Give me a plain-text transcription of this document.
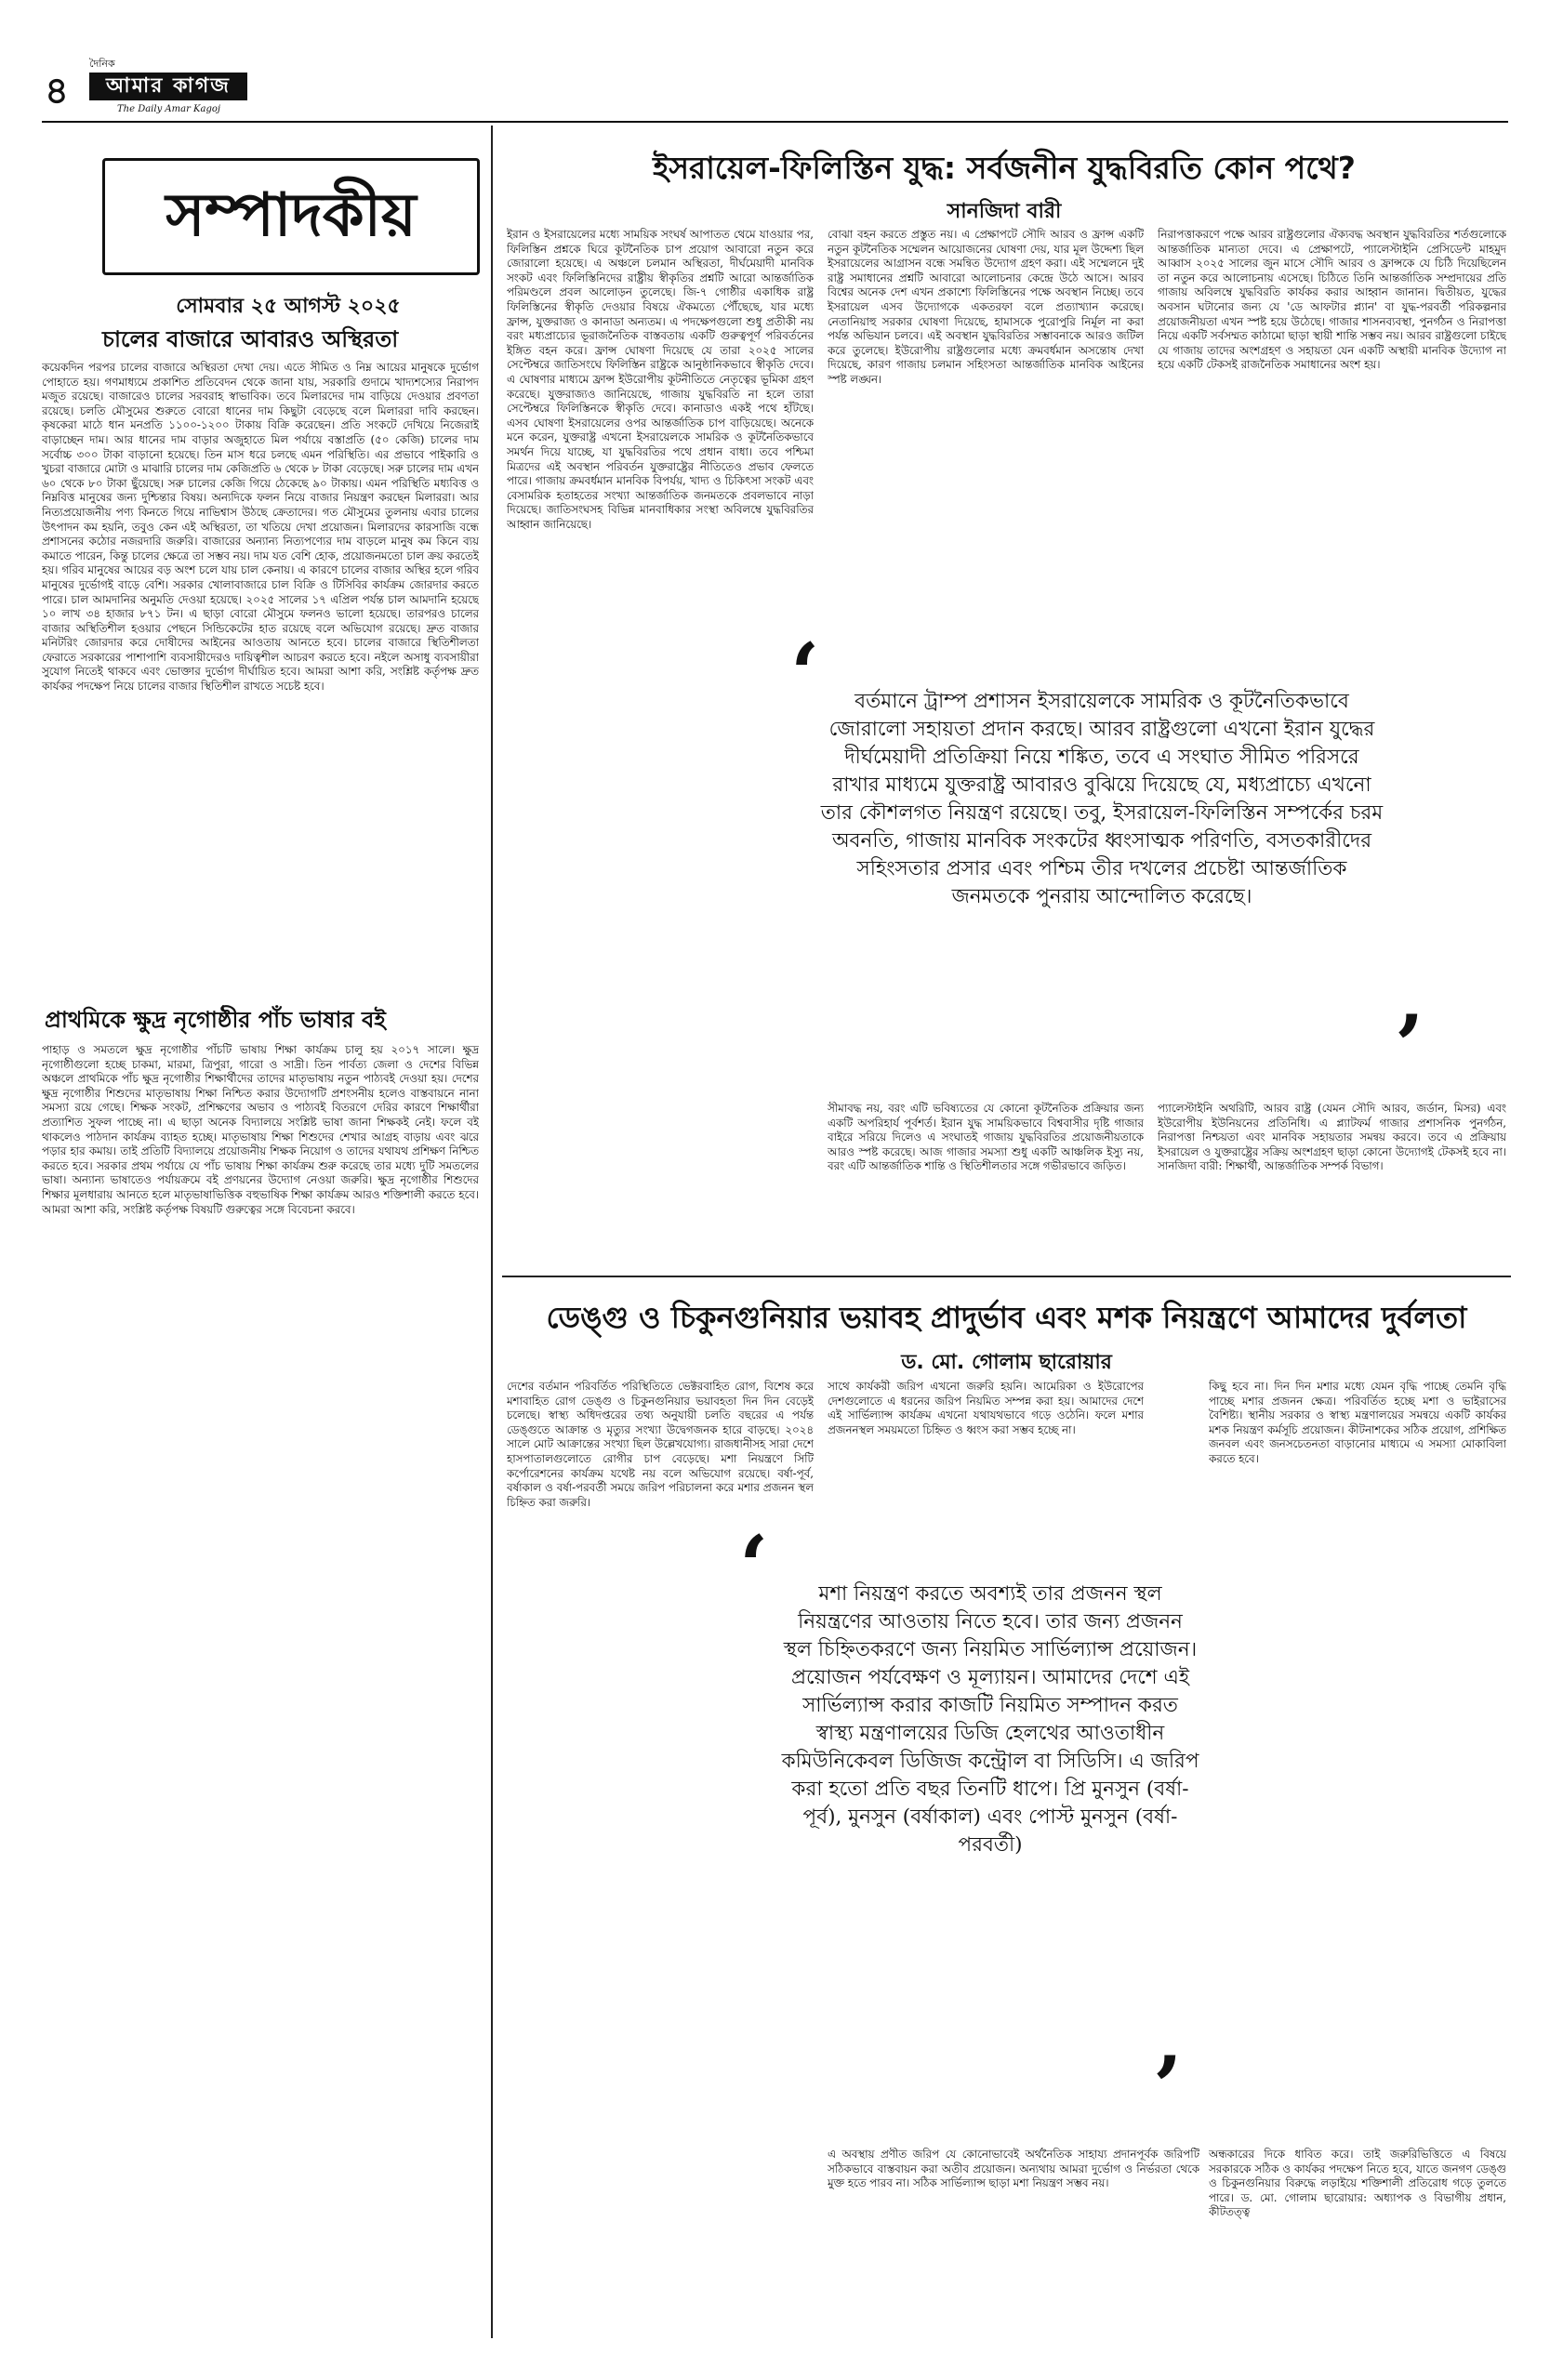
৪
দৈনিক
আমার কাগজ
The Daily Amar Kagoj
সম্পাদকীয়
সোমবার ২৫ আগস্ট ২০২৫
চালের বাজারে আবারও অস্থিরতা
কয়েকদিন পরপর চালের বাজারে অস্থিরতা দেখা দেয়। এতে সীমিত ও নিম্ন আয়ের মানুষকে দুর্ভোগ পোহাতে হয়। গণমাধ্যমে প্রকাশিত প্রতিবেদন থেকে জানা যায়, সরকারি গুদামে খাদ্যশস্যের নিরাপদ মজুত রয়েছে। বাজারেও চালের সরবরাহ স্বাভাবিক। তবে মিলারদের দাম বাড়িয়ে দেওয়ার প্রবণতা রয়েছে। চলতি মৌসুমের শুরুতে বোরো ধানের দাম কিছুটা বেড়েছে বলে মিলাররা দাবি করছেন। কৃষকেরা মাঠে ধান মনপ্রতি ১১০০-১২০০ টাকায় বিক্রি করেছেন। প্রতি সংকটে দেখিয়ে নিজেরাই বাড়াচ্ছেন দাম। আর ধানের দাম বাড়ার অজুহাতে মিল পর্যায়ে বস্তাপ্রতি (৫০ কেজি) চালের দাম সর্বোচ্চ ৩০০ টাকা বাড়ানো হয়েছে। তিন মাস ধরে চলছে এমন পরিস্থিতি। এর প্রভাবে পাইকারি ও খুচরা বাজারে মোটা ও মাঝারি চালের দাম কেজিপ্রতি ৬ থেকে ৮ টাকা বেড়েছে। সরু চালের দাম এখন ৬০ থেকে ৮০ টাকা ছুঁয়েছে। সরু চালের কেজি গিয়ে ঠেকেছে ৯০ টাকায়। এমন পরিস্থিতি মধ্যবিত্ত ও নিম্নবিত্ত মানুষের জন্য দুশ্চিন্তার বিষয়। অন্যদিকে ফলন নিয়ে বাজার নিয়ন্ত্রণ করছেন মিলাররা। আর নিত্যপ্রয়োজনীয় পণ্য কিনতে গিয়ে নাভিশ্বাস উঠছে ক্রেতাদের। গত মৌসুমের তুলনায় এবার চালের উৎপাদন কম হয়নি, তবুও কেন এই অস্থিরতা, তা খতিয়ে দেখা প্রয়োজন। মিলারদের কারসাজি বন্ধে প্রশাসনের কঠোর নজরদারি জরুরি। বাজারের অন্যান্য নিত্যপণ্যের দাম বাড়লে মানুষ কম কিনে ব্যয় কমাতে পারেন, কিন্তু চালের ক্ষেত্রে তা সম্ভব নয়। দাম যত বেশি হোক, প্রয়োজনমতো চাল ক্রয় করতেই হয়। গরিব মানুষের আয়ের বড় অংশ চলে যায় চাল কেনায়। এ কারণে চালের বাজার অস্থির হলে গরিব মানুষের দুর্ভোগই বাড়ে বেশি। সরকার খোলাবাজারে চাল বিক্রি ও টিসিবির কার্যক্রম জোরদার করতে পারে। চাল আমদানির অনুমতি দেওয়া হয়েছে। ২০২৫ সালের ১৭ এপ্রিল পর্যন্ত চাল আমদানি হয়েছে ১০ লাখ ৩৪ হাজার ৮৭১ টন। এ ছাড়া বোরো মৌসুমে ফলনও ভালো হয়েছে। তারপরও চালের বাজার অস্থিতিশীল হওয়ার পেছনে সিন্ডিকেটের হাত রয়েছে বলে অভিযোগ রয়েছে। দ্রুত বাজার মনিটরিং জোরদার করে দোষীদের আইনের আওতায় আনতে হবে। চালের বাজারে স্থিতিশীলতা ফেরাতে সরকারের পাশাপাশি ব্যবসায়ীদেরও দায়িত্বশীল আচরণ করতে হবে। নইলে অসাধু ব্যবসায়ীরা সুযোগ নিতেই থাকবে এবং ভোক্তার দুর্ভোগ দীর্ঘায়িত হবে। আমরা আশা করি, সংশ্লিষ্ট কর্তৃপক্ষ দ্রুত কার্যকর পদক্ষেপ নিয়ে চালের বাজার স্থিতিশীল রাখতে সচেষ্ট হবে।
প্রাথমিকে ক্ষুদ্র নৃগোষ্ঠীর পাঁচ ভাষার বই
পাহাড় ও সমতলে ক্ষুদ্র নৃগোষ্ঠীর পাঁচটি ভাষায় শিক্ষা কার্যক্রম চালু হয় ২০১৭ সালে। ক্ষুদ্র নৃগোষ্ঠীগুলো হচ্ছে চাকমা, মারমা, ত্রিপুরা, গারো ও সাদ্রী। তিন পার্বত্য জেলা ও দেশের বিভিন্ন অঞ্চলে প্রাথমিকে পাঁচ ক্ষুদ্র নৃগোষ্ঠীর শিক্ষার্থীদের তাদের মাতৃভাষায় নতুন পাঠ্যবই দেওয়া হয়। দেশের ক্ষুদ্র নৃগোষ্ঠীর শিশুদের মাতৃভাষায় শিক্ষা নিশ্চিত করার উদ্যোগটি প্রশংসনীয় হলেও বাস্তবায়নে নানা সমস্যা রয়ে গেছে। শিক্ষক সংকট, প্রশিক্ষণের অভাব ও পাঠ্যবই বিতরণে দেরির কারণে শিক্ষার্থীরা প্রত্যাশিত সুফল পাচ্ছে না। এ ছাড়া অনেক বিদ্যালয়ে সংশ্লিষ্ট ভাষা জানা শিক্ষকই নেই। ফলে বই থাকলেও পাঠদান কার্যক্রম ব্যাহত হচ্ছে। মাতৃভাষায় শিক্ষা শিশুদের শেখার আগ্রহ বাড়ায় এবং ঝরে পড়ার হার কমায়। তাই প্রতিটি বিদ্যালয়ে প্রয়োজনীয় শিক্ষক নিয়োগ ও তাদের যথাযথ প্রশিক্ষণ নিশ্চিত করতে হবে। সরকার প্রথম পর্যায়ে যে পাঁচ ভাষায় শিক্ষা কার্যক্রম শুরু করেছে তার মধ্যে দুটি সমতলের ভাষা। অন্যান্য ভাষাতেও পর্যায়ক্রমে বই প্রণয়নের উদ্যোগ নেওয়া জরুরি। ক্ষুদ্র নৃগোষ্ঠীর শিশুদের শিক্ষার মূলধারায় আনতে হলে মাতৃভাষাভিত্তিক বহুভাষিক শিক্ষা কার্যক্রম আরও শক্তিশালী করতে হবে। আমরা আশা করি, সংশ্লিষ্ট কর্তৃপক্ষ বিষয়টি গুরুত্বের সঙ্গে বিবেচনা করবে।
ইসরায়েল-ফিলিস্তিন যুদ্ধ: সর্বজনীন যুদ্ধবিরতি কোন পথে?
সানজিদা বারী
ইরান ও ইসরায়েলের মধ্যে সাময়িক সংঘর্ষ আপাতত থেমে যাওয়ার পর, ফিলিস্তিন প্রশ্নকে ঘিরে কূটনৈতিক চাপ প্রয়োগ আবারো নতুন করে জোরালো হয়েছে। এ অঞ্চলে চলমান অস্থিরতা, দীর্ঘমেয়াদী মানবিক সংকট এবং ফিলিস্তিনিদের রাষ্ট্রীয় স্বীকৃতির প্রশ্নটি আরো আন্তর্জাতিক পরিমণ্ডলে প্রবল আলোড়ন তুলেছে। জি-৭ গোষ্ঠীর একাধিক রাষ্ট্র ফিলিস্তিনের স্বীকৃতি দেওয়ার বিষয়ে ঐকমত্যে পৌঁছেছে, যার মধ্যে ফ্রান্স, যুক্তরাজ্য ও কানাডা অন্যতম। এ পদক্ষেপগুলো শুধু প্রতীকী নয় বরং মধ্যপ্রাচ্যের ভূরাজনৈতিক বাস্তবতায় একটি গুরুত্বপূর্ণ পরিবর্তনের ইঙ্গিত বহন করে। ফ্রান্স ঘোষণা দিয়েছে যে তারা ২০২৫ সালের সেপ্টেম্বরে জাতিসংঘে ফিলিস্তিন রাষ্ট্রকে আনুষ্ঠানিকভাবে স্বীকৃতি দেবে। এ ঘোষণার মাধ্যমে ফ্রান্স ইউরোপীয় কূটনীতিতে নেতৃত্বের ভূমিকা গ্রহণ করেছে। যুক্তরাজ্যও জানিয়েছে, গাজায় যুদ্ধবিরতি না হলে তারা সেপ্টেম্বরে ফিলিস্তিনকে স্বীকৃতি দেবে। কানাডাও একই পথে হাঁটছে। এসব ঘোষণা ইসরায়েলের ওপর আন্তর্জাতিক চাপ বাড়িয়েছে। অনেকে মনে করেন, যুক্তরাষ্ট্র এখনো ইসরায়েলকে সামরিক ও কূটনৈতিকভাবে সমর্থন দিয়ে যাচ্ছে, যা যুদ্ধবিরতির পথে প্রধান বাধা। তবে পশ্চিমা মিত্রদের এই অবস্থান পরিবর্তন যুক্তরাষ্ট্রের নীতিতেও প্রভাব ফেলতে পারে। গাজায় ক্রমবর্ধমান মানবিক বিপর্যয়, খাদ্য ও চিকিৎসা সংকট এবং বেসামরিক হতাহতের সংখ্যা আন্তর্জাতিক জনমতকে প্রবলভাবে নাড়া দিয়েছে। জাতিসংঘসহ বিভিন্ন মানবাধিকার সংস্থা অবিলম্বে যুদ্ধবিরতির আহ্বান জানিয়েছে।
বোঝা বহন করতে প্রস্তুত নয়। এ প্রেক্ষাপটে সৌদি আরব ও ফ্রান্স একটি নতুন কূটনৈতিক সম্মেলন আয়োজনের ঘোষণা দেয়, যার মূল উদ্দেশ্য ছিল ইসরায়েলের আগ্রাসন বন্ধে সমন্বিত উদ্যোগ গ্রহণ করা। এই সম্মেলনে দুই রাষ্ট্র সমাধানের প্রশ্নটি আবারো আলোচনার কেন্দ্রে উঠে আসে। আরব বিশ্বের অনেক দেশ এখন প্রকাশ্যে ফিলিস্তিনের পক্ষে অবস্থান নিচ্ছে। তবে ইসরায়েল এসব উদ্যোগকে একতরফা বলে প্রত্যাখ্যান করেছে। নেতানিয়াহু সরকার ঘোষণা দিয়েছে, হামাসকে পুরোপুরি নির্মূল না করা পর্যন্ত অভিযান চলবে। এই অবস্থান যুদ্ধবিরতির সম্ভাবনাকে আরও জটিল করে তুলেছে। ইউরোপীয় রাষ্ট্রগুলোর মধ্যে ক্রমবর্ধমান অসন্তোষ দেখা দিয়েছে, কারণ গাজায় চলমান সহিংসতা আন্তর্জাতিক মানবিক আইনের স্পষ্ট লঙ্ঘন।
নিরাপত্তাকরণে পক্ষে আরব রাষ্ট্রগুলোর ঐক্যবদ্ধ অবস্থান যুদ্ধবিরতির শর্তগুলোকে আন্তর্জাতিক মান্যতা দেবে। এ প্রেক্ষাপটে, প্যালেস্টাইনি প্রেসিডেন্ট মাহমুদ আব্বাস ২০২৫ সালের জুন মাসে সৌদি আরব ও ফ্রান্সকে যে চিঠি দিয়েছিলেন তা নতুন করে আলোচনায় এসেছে। চিঠিতে তিনি আন্তর্জাতিক সম্প্রদায়ের প্রতি গাজায় অবিলম্বে যুদ্ধবিরতি কার্যকর করার আহ্বান জানান। দ্বিতীয়ত, যুদ্ধের অবসান ঘটানোর জন্য যে 'ডে আফটার প্ল্যান' বা যুদ্ধ-পরবর্তী পরিকল্পনার প্রয়োজনীয়তা এখন স্পষ্ট হয়ে উঠেছে। গাজার শাসনব্যবস্থা, পুনর্গঠন ও নিরাপত্তা নিয়ে একটি সর্বসম্মত কাঠামো ছাড়া স্থায়ী শান্তি সম্ভব নয়। আরব রাষ্ট্রগুলো চাইছে যে গাজায় তাদের অংশগ্রহণ ও সহায়তা যেন একটি অস্থায়ী মানবিক উদ্যোগ না হয়ে একটি টেকসই রাজনৈতিক সমাধানের অংশ হয়।
‘	বর্তমানে ট্রাম্প প্রশাসন ইসরায়েলকে সামরিক ও কূটনৈতিকভাবে জোরালো সহায়তা প্রদান করছে। আরব রাষ্ট্রগুলো এখনো ইরান যুদ্ধের দীর্ঘমেয়াদী প্রতিক্রিয়া নিয়ে শঙ্কিত, তবে এ সংঘাত সীমিত পরিসরে রাখার মাধ্যমে যুক্তরাষ্ট্র আবারও বুঝিয়ে দিয়েছে যে, মধ্যপ্রাচ্যে এখনো তার কৌশলগত নিয়ন্ত্রণ রয়েছে। তবু, ইসরায়েল-ফিলিস্তিন সম্পর্কের চরম অবনতি, গাজায় মানবিক সংকটের ধ্বংসাত্মক পরিণতি, বসতকারীদের সহিংসতার প্রসার এবং পশ্চিম তীর দখলের প্রচেষ্টা আন্তর্জাতিক জনমতকে পুনরায় আন্দোলিত করেছে।
’
সীমাবদ্ধ নয়, বরং এটি ভবিষ্যতের যে কোনো কূটনৈতিক প্রক্রিয়ার জন্য একটি অপরিহার্য পূর্বশর্ত। ইরান যুদ্ধ সাময়িকভাবে বিশ্ববাসীর দৃষ্টি গাজার বাইরে সরিয়ে দিলেও এ সংঘাতই গাজায় যুদ্ধবিরতির প্রয়োজনীয়তাকে আরও স্পষ্ট করেছে। আজ গাজার সমস্যা শুধু একটি আঞ্চলিক ইস্যু নয়, বরং এটি আন্তর্জাতিক শান্তি ও স্থিতিশীলতার সঙ্গে গভীরভাবে জড়িত।
প্যালেস্টাইনি অথরিটি, আরব রাষ্ট্র (যেমন সৌদি আরব, জর্ডান, মিসর) এবং ইউরোপীয় ইউনিয়নের প্রতিনিধি। এ প্ল্যাটফর্ম গাজার প্রশাসনিক পুনর্গঠন, নিরাপত্তা নিশ্চয়তা এবং মানবিক সহায়তার সমন্বয় করবে। তবে এ প্রক্রিয়ায় ইসরায়েল ও যুক্তরাষ্ট্রের সক্রিয় অংশগ্রহণ ছাড়া কোনো উদ্যোগই টেকসই হবে না। সানজিদা বারী: শিক্ষার্থী, আন্তর্জাতিক সম্পর্ক বিভাগ।
ডেঙ্গু ও চিকুনগুনিয়ার ভয়াবহ প্রাদুর্ভাব এবং মশক নিয়ন্ত্রণে আমাদের দুর্বলতা
ড. মো. গোলাম ছারোয়ার
দেশের বর্তমান পরিবর্তিত পরিস্থিতিতে ভেক্টরবাহিত রোগ, বিশেষ করে মশাবাহিত রোগ ডেঙ্গু ও চিকুনগুনিয়ার ভয়াবহতা দিন দিন বেড়েই চলেছে। স্বাস্থ্য অধিদপ্তরের তথ্য অনুযায়ী চলতি বছরের এ পর্যন্ত ডেঙ্গুতে আক্রান্ত ও মৃত্যুর সংখ্যা উদ্বেগজনক হারে বাড়ছে। ২০২৪ সালে মোট আক্রান্তের সংখ্যা ছিল উল্লেখযোগ্য। রাজধানীসহ সারা দেশে হাসপাতালগুলোতে রোগীর চাপ বেড়েছে। মশা নিয়ন্ত্রণে সিটি কর্পোরেশনের কার্যক্রম যথেষ্ট নয় বলে অভিযোগ রয়েছে। বর্ষা-পূর্ব, বর্ষাকাল ও বর্ষা-পরবর্তী সময়ে জরিপ পরিচালনা করে মশার প্রজনন স্থল চিহ্নিত করা জরুরি।
সাথে কার্যকরী জরিপ এখনো জরুরি হয়নি। আমেরিকা ও ইউরোপের দেশগুলোতে এ ধরনের জরিপ নিয়মিত সম্পন্ন করা হয়। আমাদের দেশে এই সার্ভিল্যান্স কার্যক্রম এখনো যথাযথভাবে গড়ে ওঠেনি। ফলে মশার প্রজননস্থল সময়মতো চিহ্নিত ও ধ্বংস করা সম্ভব হচ্ছে না।
কিছু হবে না। দিন দিন মশার মধ্যে যেমন বৃদ্ধি পাচ্ছে তেমনি বৃদ্ধি পাচ্ছে মশার প্রজনন ক্ষেত্র। পরিবর্তিত হচ্ছে মশা ও ভাইরাসের বৈশিষ্ট্য। স্থানীয় সরকার ও স্বাস্থ্য মন্ত্রণালয়ের সমন্বয়ে একটি কার্যকর মশক নিয়ন্ত্রণ কর্মসূচি প্রয়োজন। কীটনাশকের সঠিক প্রয়োগ, প্রশিক্ষিত জনবল এবং জনসচেতনতা বাড়ানোর মাধ্যমে এ সমস্যা মোকাবিলা করতে হবে।
‘	মশা নিয়ন্ত্রণ করতে অবশ্যই তার প্রজনন স্থল নিয়ন্ত্রণের আওতায় নিতে হবে। তার জন্য প্রজনন স্থল চিহ্নিতকরণে জন্য নিয়মিত সার্ভিল্যান্স প্রয়োজন। প্রয়োজন পর্যবেক্ষণ ও মূল্যায়ন। আমাদের দেশে এই সার্ভিল্যান্স করার কাজটি নিয়মিত সম্পাদন করত স্বাস্থ্য মন্ত্রণালয়ের ডিজি হেলথের আওতাধীন কমিউনিকেবল ডিজিজ কন্ট্রোল বা সিডিসি। এ জরিপ করা হতো প্রতি বছর তিনটি ধাপে। প্রি মুনসুন (বর্ষা-পূর্ব), মুনসুন (বর্ষাকাল) এবং পোস্ট মুনসুন (বর্ষা-পরবর্তী)
’
এ অবস্থায় প্রণীত জরিপ যে কোনোভাবেই অর্থনৈতিক সাহায্য প্রদানপূর্বক জরিপটি সঠিকভাবে বাস্তবায়ন করা অতীব প্রয়োজন। অন্যথায় আমরা দুর্ভোগ ও নির্ভরতা থেকে মুক্ত হতে পারব না। সঠিক সার্ভিল্যান্স ছাড়া মশা নিয়ন্ত্রণ সম্ভব নয়।
অন্ধকারের দিকে ধাবিত করে। তাই জরুরিভিত্তিতে এ বিষয়ে সরকারকে সঠিক ও কার্যকর পদক্ষেপ নিতে হবে, যাতে জনগণ ডেঙ্গু ও চিকুনগুনিয়ার বিরুদ্ধে লড়াইয়ে শক্তিশালী প্রতিরোধ গড়ে তুলতে পারে। ড. মো. গোলাম ছারোয়ার: অধ্যাপক ও বিভাগীয় প্রধান, কীটতত্ত্ব
